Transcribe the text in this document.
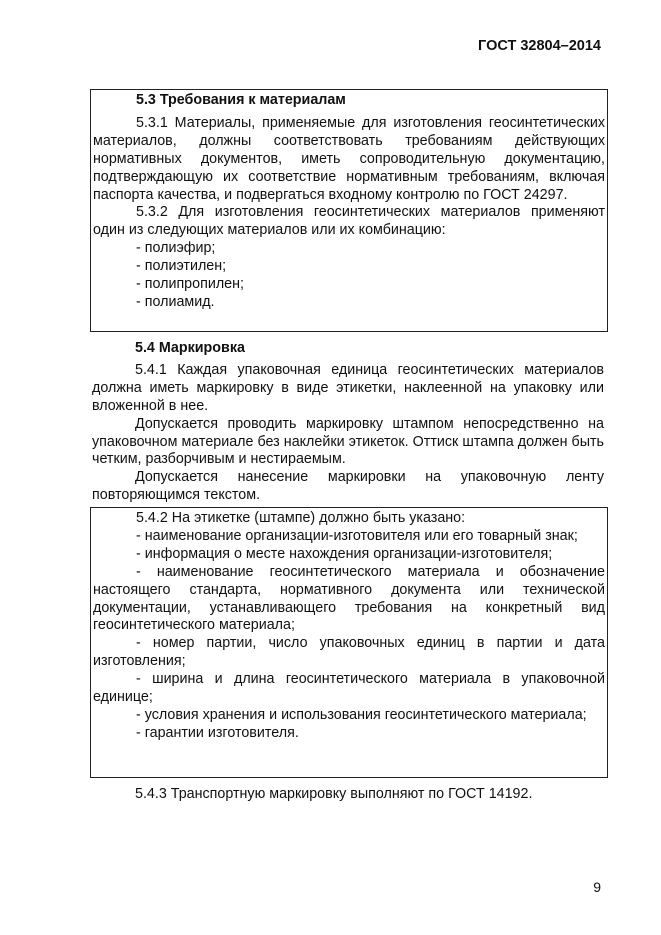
ГОСТ 32804–2014

5.3 Требования к материалам

5.3.1 Материалы, применяемые для изготовления геосинтетических материалов, должны соответствовать требованиям действующих нормативных документов, иметь сопроводительную документацию, подтверждающую их соответствие нормативным требованиям, включая паспорта качества, и подвергаться входному контролю по ГОСТ 24297.

5.3.2 Для изготовления геосинтетических материалов применяют один из следующих материалов или их комбинацию:

- полиэфир;

- полиэтилен;

- полипропилен;

- полиамид.

5.4 Маркировка

5.4.1 Каждая упаковочная единица геосинтетических материалов должна иметь маркировку в виде этикетки, наклеенной на упаковку или вложенной в нее.

Допускается проводить маркировку штампом непосредственно на упаковочном материале без наклейки этикеток. Оттиск штампа должен быть четким, разборчивым и нестираемым.

Допускается нанесение маркировки на упаковочную ленту повторяющимся текстом.

5.4.2 На этикетке (штампе) должно быть указано:

- наименование организации-изготовителя или его товарный знак;

- информация о месте нахождения организации-изготовителя;

- наименование геосинтетического материала и обозначение настоящего стандарта, нормативного документа или технической документации, устанавливающего требования на конкретный вид геосинтетического материала;

- номер партии, число упаковочных единиц в партии и дата изготовления;

- ширина и длина геосинтетического материала в упаковочной единице;

- условия хранения и использования геосинтетического материала;

- гарантии изготовителя.

5.4.3 Транспортную маркировку выполняют по ГОСТ 14192.

9
